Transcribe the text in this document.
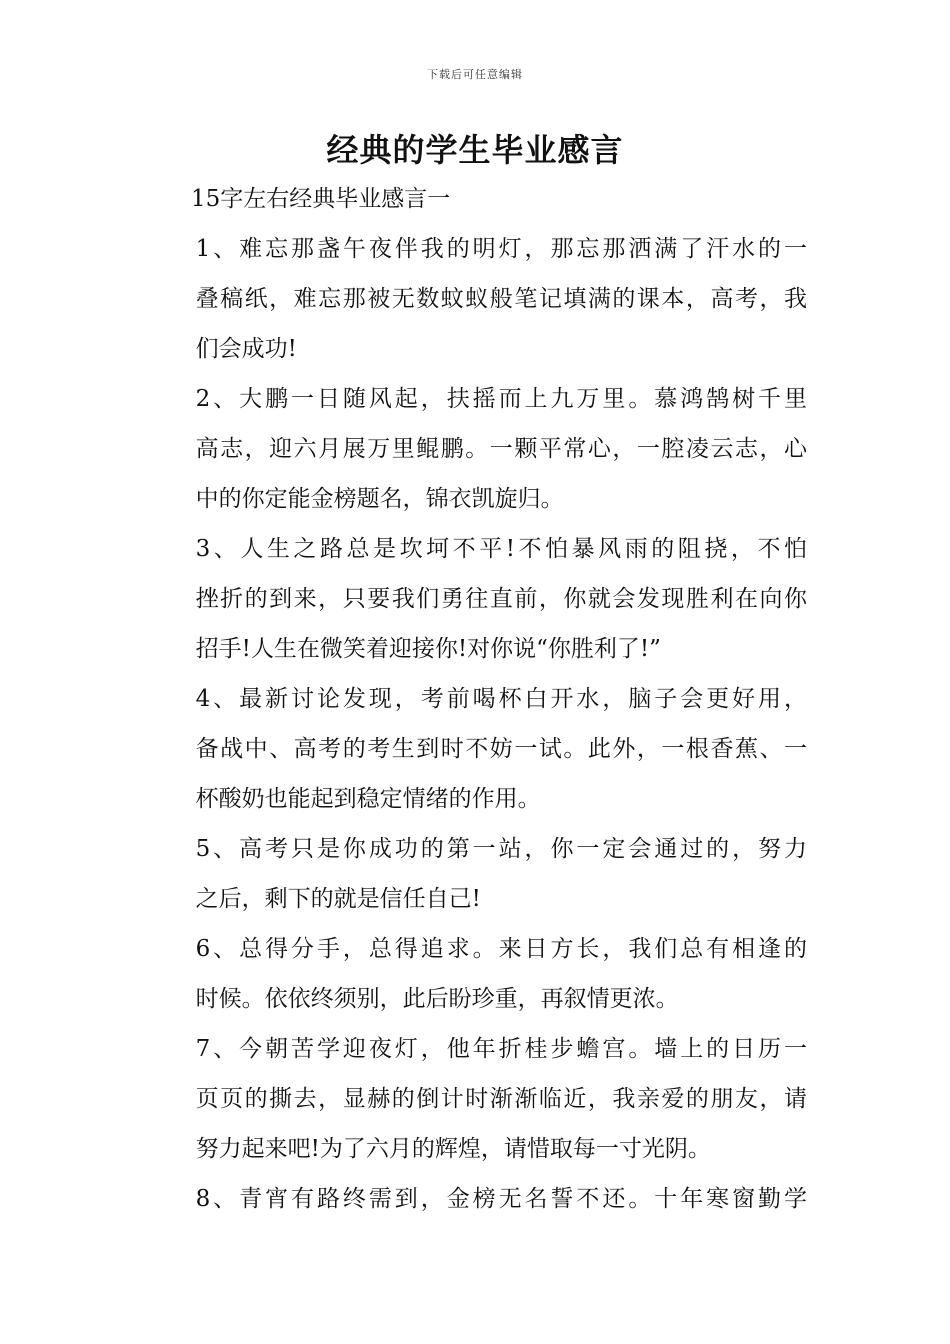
下载后可任意编辑
经典的学生毕业感言

15字左右经典毕业感言一

1、难忘那盏午夜伴我的明灯，那忘那洒满了汗水的一
叠稿纸，难忘那被无数蚊蚁般笔记填满的课本，高考，我
们会成功!
2、大鹏一日随风起，扶摇而上九万里。慕鸿鹄树千里
高志，迎六月展万里鲲鹏。一颗平常心，一腔凌云志，心
中的你定能金榜题名，锦衣凯旋归。
3、人生之路总是坎坷不平!不怕暴风雨的阻挠，不怕
挫折的到来，只要我们勇往直前，你就会发现胜利在向你
招手!人生在微笑着迎接你!对你说“你胜利了!”
4、最新讨论发现，考前喝杯白开水，脑子会更好用，
备战中、高考的考生到时不妨一试。此外，一根香蕉、一
杯酸奶也能起到稳定情绪的作用。
5、高考只是你成功的第一站，你一定会通过的，努力
之后，剩下的就是信任自己!
6、总得分手，总得追求。来日方长，我们总有相逢的
时候。依依终须别，此后盼珍重，再叙情更浓。
7、今朝苦学迎夜灯，他年折桂步蟾宫。墙上的日历一
页页的撕去，显赫的倒计时渐渐临近，我亲爱的朋友，请
努力起来吧!为了六月的辉煌，请惜取每一寸光阴。
8、青宵有路终需到，金榜无名誓不还。十年寒窗勤学
